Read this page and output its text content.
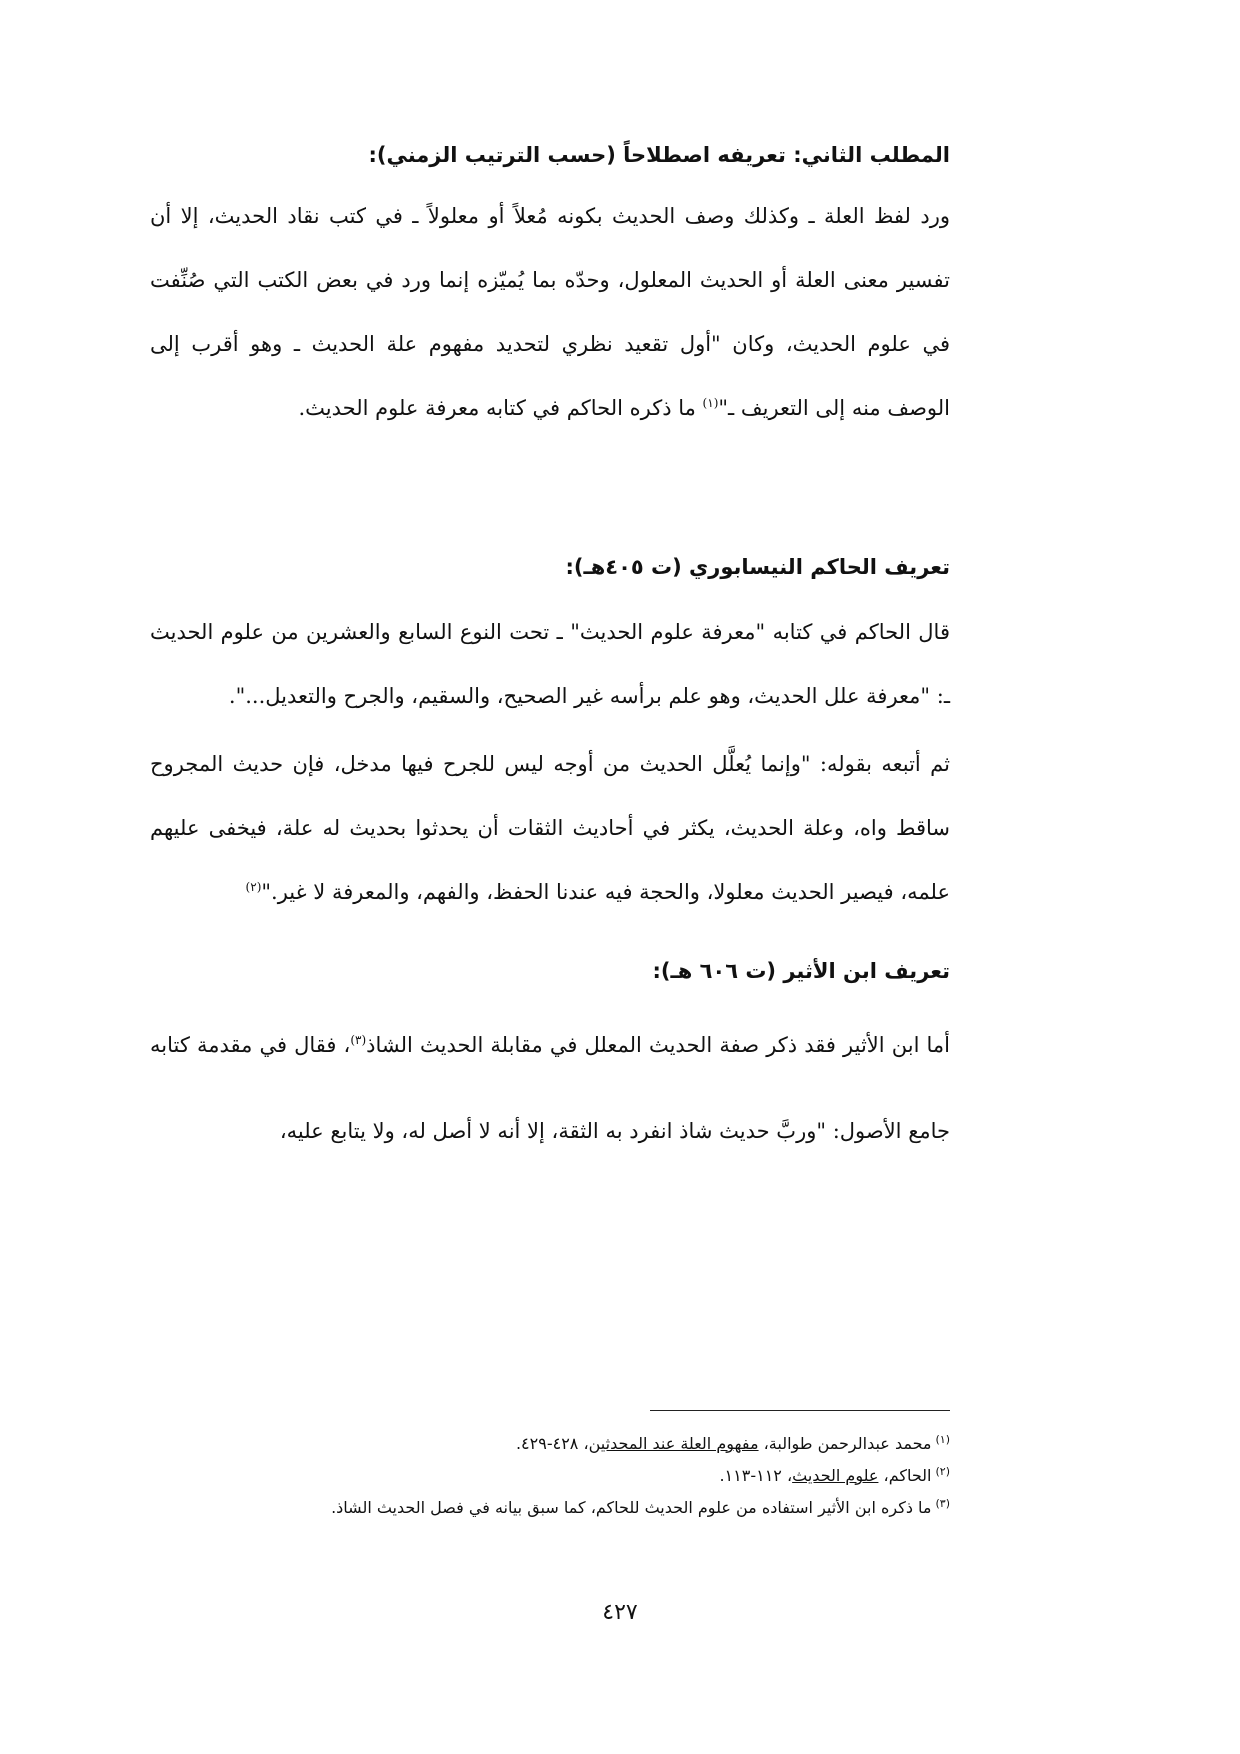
المطلب الثاني: تعريفه اصطلاحاً (حسب الترتيب الزمني):

ورد لفظ العلة ـ وكذلك وصف الحديث بكونه مُعلاً أو معلولاً ـ في كتب نقاد الحديث، إلا أن تفسير معنى العلة أو الحديث المعلول، وحدّه بما يُميّزه إنما ورد في بعض الكتب التي صُنِّفت في علوم الحديث، وكان "أول تقعيد نظري لتحديد مفهوم علة الحديث ـ وهو أقرب إلى الوصف منه إلى التعريف ـ"$^{(١)}$ ما ذكره الحاكم في كتابه معرفة علوم الحديث.

تعريف الحاكم النيسابوري (ت ٤٠٥هـ):

قال الحاكم في كتابه "معرفة علوم الحديث" ـ تحت النوع السابع والعشرين من علوم الحديث ـ: "معرفة علل الحديث، وهو علم برأسه غير الصحيح، والسقيم، والجرح والتعديل...".

ثم أتبعه بقوله: "وإنما يُعلَّل الحديث من أوجه ليس للجرح فيها مدخل، فإن حديث المجروح ساقط واه، وعلة الحديث، يكثر في أحاديث الثقات أن يحدثوا بحديث له علة، فيخفى عليهم علمه، فيصير الحديث معلولا، والحجة فيه عندنا الحفظ، والفهم، والمعرفة لا غير."$^{(٢)}$

تعريف ابن الأثير (ت ٦٠٦ هـ):

أما ابن الأثير فقد ذكر صفة الحديث المعلل في مقابلة الحديث الشاذ$^{(٣)}$، فقال في مقدمة كتابه جامع الأصول: "وربَّ حديث شاذ انفرد به الثقة، إلا أنه لا أصل له، ولا يتابع عليه،

$^{(١)}$محمد عبدالرحمن طوالبة، مفهوم العلة عند المحدثين، ٤٢٨-٤٢٩.
$^{(٢)}$الحاكم، علوم الحديث، ١١٢-١١٣.
$^{(٣)}$ما ذكره ابن الأثير استفاده من علوم الحديث للحاكم، كما سبق بيانه في فصل الحديث الشاذ.
٤٢٧
